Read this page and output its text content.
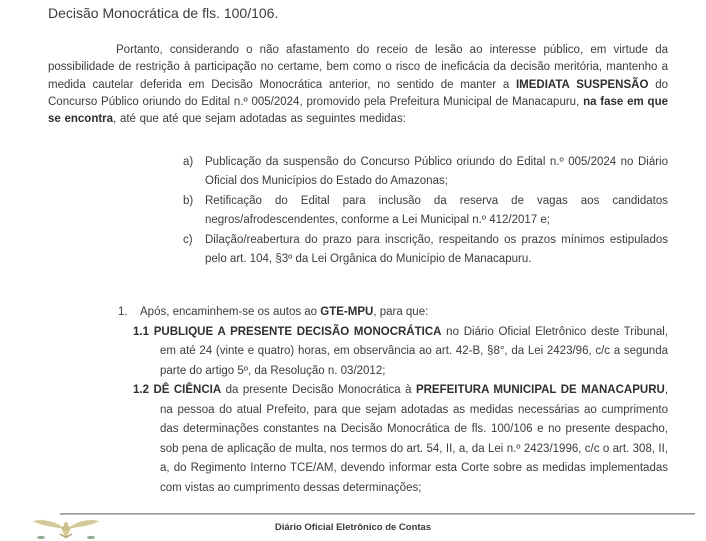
Decisão Monocrática de fls. 100/106.
Portanto, considerando o não afastamento do receio de lesão ao interesse público, em virtude da possibilidade de restrição à participação no certame, bem como o risco de ineficácia da decisão meritória, mantenho a medida cautelar deferida em Decisão Monocrática anterior, no sentido de manter a IMEDIATA SUSPENSÃO do Concurso Público oriundo do Edital n.º 005/2024, promovido pela Prefeitura Municipal de Manacapuru, na fase em que se encontra, até que até que sejam adotadas as seguintes medidas:
a) Publicação da suspensão do Concurso Público oriundo do Edital n.º 005/2024 no Diário Oficial dos Municípios do Estado do Amazonas;
b) Retificação do Edital para inclusão da reserva de vagas aos candidatos negros/afrodescendentes, conforme a Lei Municipal n.º 412/2017 e;
c) Dilação/reabertura do prazo para inscrição, respeitando os prazos mínimos estipulados pelo art. 104, §3º da Lei Orgânica do Município de Manacapuru.
1. Após, encaminhem-se os autos ao GTE-MPU, para que:
1.1 PUBLIQUE A PRESENTE DECISÃO MONOCRÁTICA no Diário Oficial Eletrônico deste Tribunal, em até 24 (vinte e quatro) horas, em observância ao art. 42-B, §8°, da Lei 2423/96, c/c a segunda parte do artigo 5º, da Resolução n. 03/2012;
1.2 DÊ CIÊNCIA da presente Decisão Monocrática à PREFEITURA MUNICIPAL DE MANACAPURU, na pessoa do atual Prefeito, para que sejam adotadas as medidas necessárias ao cumprimento das determinações constantes na Decisão Monocrática de fls. 100/106 e no presente despacho, sob pena de aplicação de multa, nos termos do art. 54, II, a, da Lei n.º 2423/1996, c/c o art. 308, II, a, do Regimento Interno TCE/AM, devendo informar esta Corte sobre as medidas implementadas com vistas ao cumprimento dessas determinações;
Diário Oficial Eletrônico de Contas
